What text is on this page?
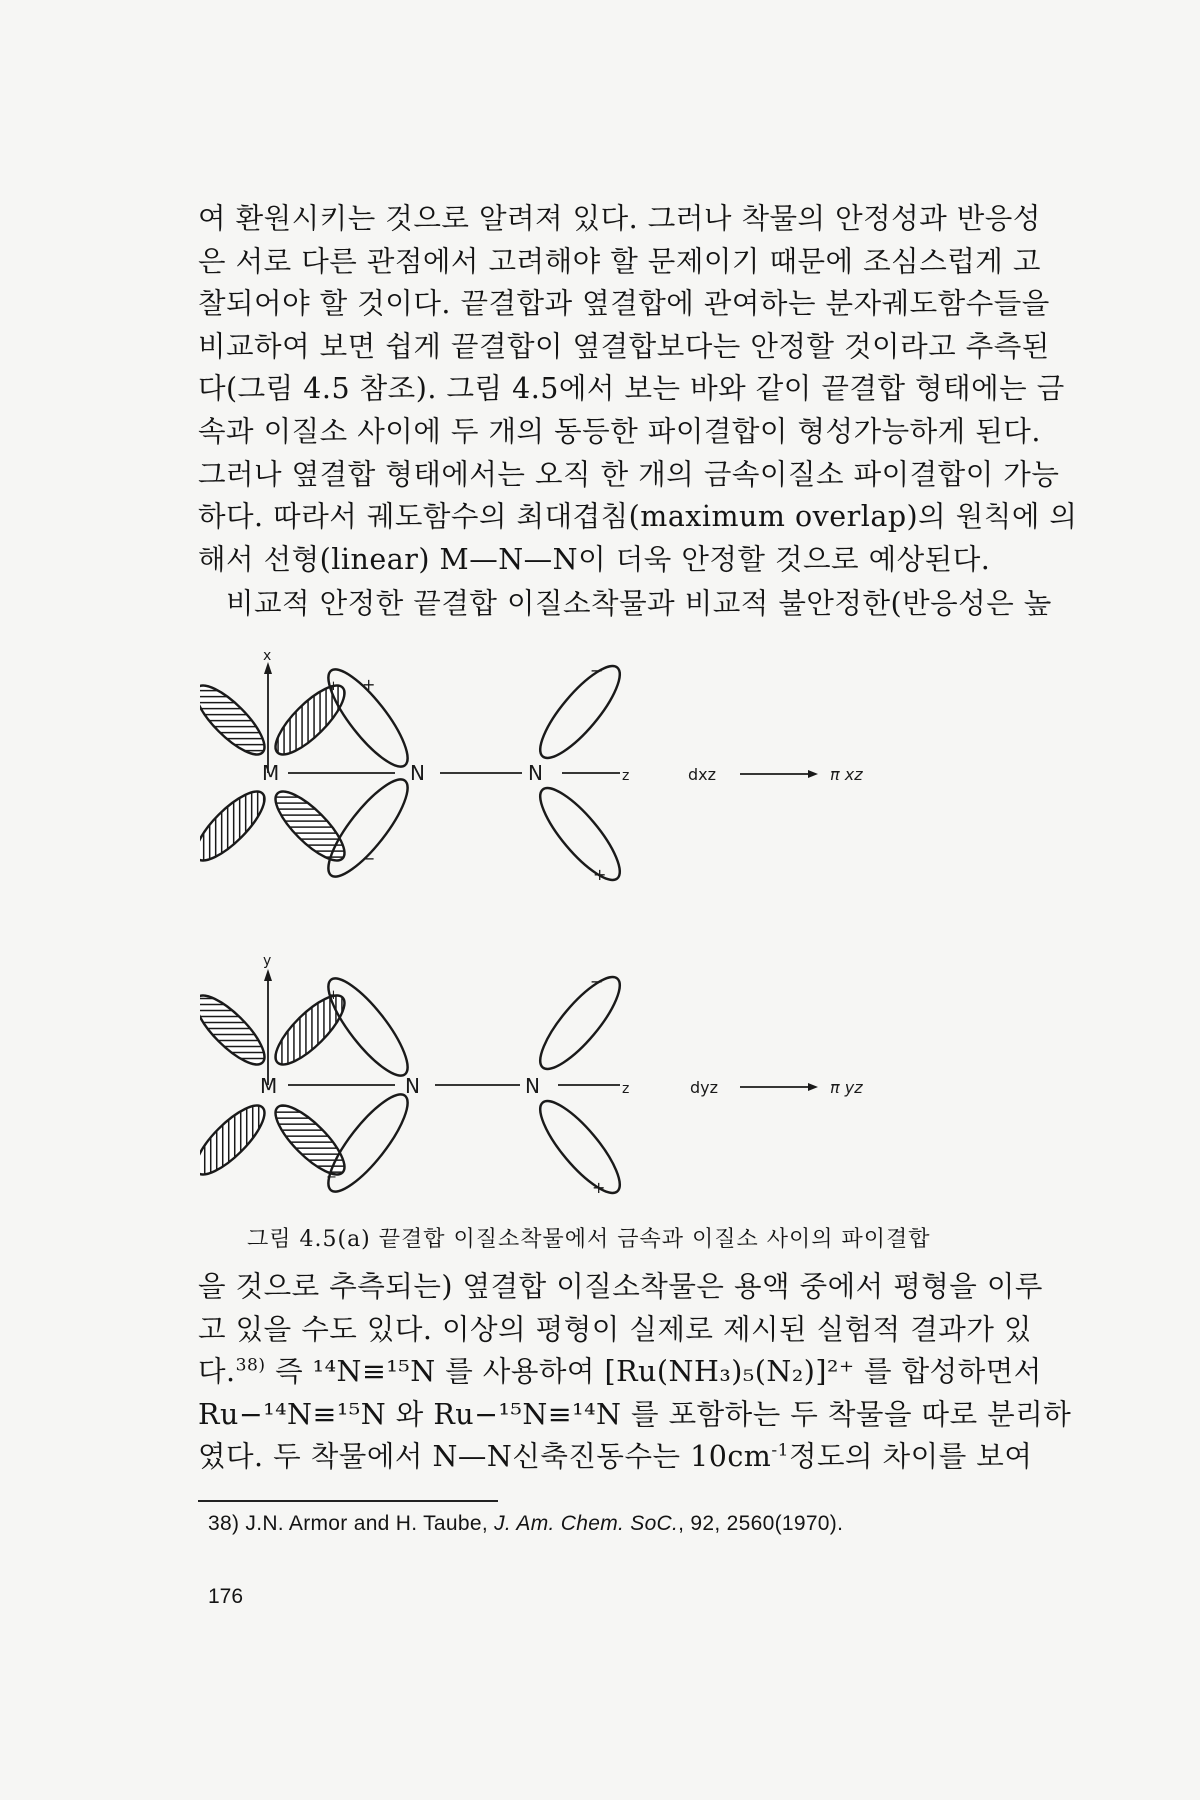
여 환원시키는 것으로 알려져 있다. 그러나 착물의 안정성과 반응성
은 서로 다른 관점에서 고려해야 할 문제이기 때문에 조심스럽게 고
찰되어야 할 것이다. 끝결합과 옆결합에 관여하는 분자궤도함수들을
비교하여 보면 쉽게 끝결합이 옆결합보다는 안정할 것이라고 추측된
다(그림 4.5 참조). 그림 4.5에서 보는 바와 같이 끝결합 형태에는 금
속과 이질소 사이에 두 개의 동등한 파이결합이 형성가능하게 된다.
그러나 옆결합 형태에서는 오직 한 개의 금속이질소 파이결합이 가능
하다. 따라서 궤도함수의 최대겹침(maximum overlap)의 원칙에 의
해서 선형(linear) M—N—N이 더욱 안정할 것으로 예상된다.

비교적 안정한 끝결합 이질소착물과 비교적 불안정한(반응성은 높

x
M
+
−
+
N	N	z
−
+
dxz	π xz
y
M
+
−
N	N	z
−
+
dyz	π yz
그림 4.5(a) 끝결합 이질소착물에서 금속과 이질소 사이의 파이결합

을 것으로 추측되는) 옆결합 이질소착물은 용액 중에서 평형을 이루
고 있을 수도 있다. 이상의 평형이 실제로 제시된 실험적 결과가 있
다.$^{38)}$ 즉 ¹⁴N≡¹⁵N 를 사용하여 [Ru(NH₃)₅(N₂)]²⁺ 를 합성하면서
Ru−¹⁴N≡¹⁵N 와 Ru−¹⁵N≡¹⁴N 를 포함하는 두 착물을 따로 분리하
였다. 두 착물에서 N—N신축진동수는 $10cm^{-1}$정도의 차이를 보여

38) J.N. Armor and H. Taube, J. Am. Chem. SoC., 92, 2560(1970).
176
